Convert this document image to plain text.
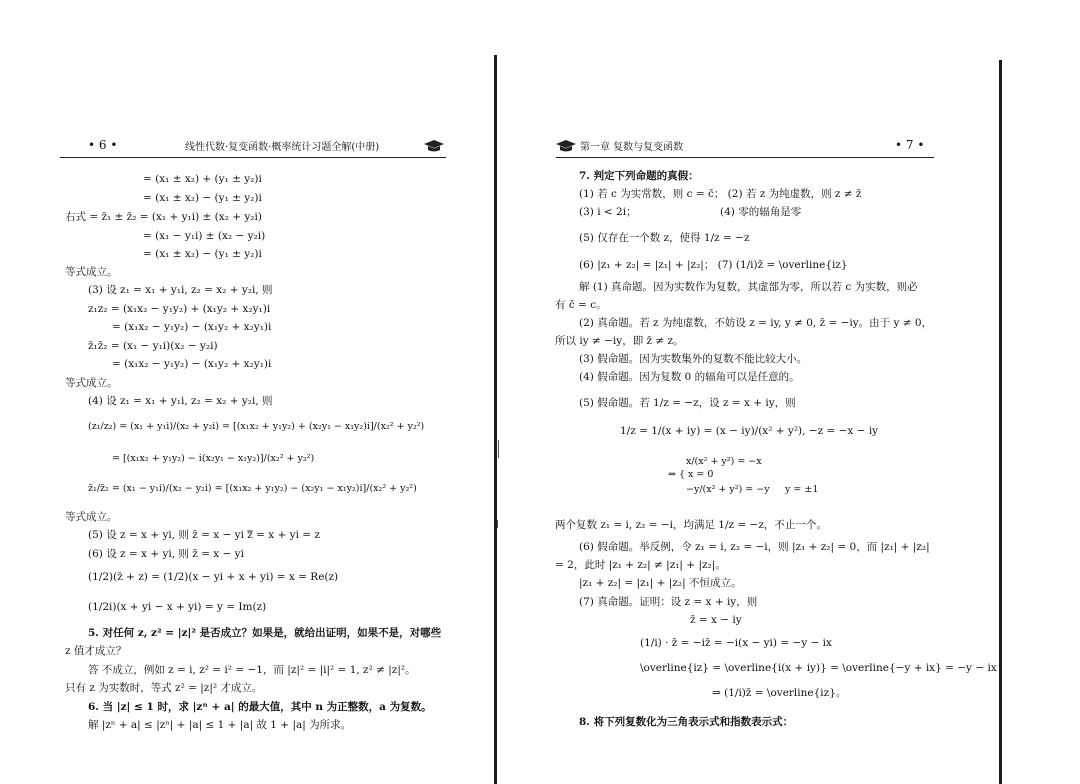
• 6 •	线性代数·复变函数·概率统计习题全解(中册)
= (x₁ ± x₂) + (y₁ ± y₂)i
= (x₁ ± x₂) − (y₁ ± y₂)i
右式 = z̄₁ ± z̄₂ = (x₁ + y₁i) ± (x₂ + y₂i)
= (x₁ − y₁i) ± (x₂ − y₂i)
= (x₁ ± x₂) − (y₁ ± y₂)i
等式成立。
(3) 设 z₁ = x₁ + y₁i, z₂ = x₂ + y₂i, 则
z₁z₂ = (x₁x₂ − y₁y₂) + (x₁y₂ + x₂y₁)i
= (x₁x₂ − y₁y₂) − (x₁y₂ + x₂y₁)i
z̄₁z̄₂ = (x₁ − y₁i)(x₂ − y₂i)
= (x₁x₂ − y₁y₂) − (x₁y₂ + x₂y₁)i
等式成立。
(4) 设 z₁ = x₁ + y₁i, z₂ = x₂ + y₂i, 则
(z₁/z₂) = (x₁ + y₁i)/(x₂ + y₂i) = [(x₁x₂ + y₁y₂) + (x₂y₁ − x₁y₂)i]/(x₂² + y₂²)
= [(x₁x₂ + y₁y₂) − i(x₂y₁ − x₁y₂)]/(x₂² + y₂²)
z̄₁/z̄₂ = (x₁ − y₁i)/(x₂ − y₂i) = [(x₁x₂ + y₁y₂) − (x₂y₁ − x₁y₂)i]/(x₂² + y₂²)
等式成立。
(5) 设 z = x + yi, 则 z̄ = x − yi z̿ = x + yi = z
(6) 设 z = x + yi, 则 z̄ = x − yi
(1/2)(z̄ + z) = (1/2)(x − yi + x + yi) = x = Re(z)
(1/2i)(x + yi − x + yi) = y = Im(z)
5. 对任何 z, z² = |z|² 是否成立？如果是，就给出证明，如果不是，对哪些
z 值才成立？
答 不成立，例如 z = i, z² = i² = −1，而 |z|² = |i|² = 1, z² ≠ |z|²。
只有 z 为实数时，等式 z² = |z|² 才成立。
6. 当 |z| ≤ 1 时，求 |zⁿ + a| 的最大值，其中 n 为正整数，a 为复数。
解 |zⁿ + a| ≤ |zⁿ| + |a| ≤ 1 + |a| 故 1 + |a| 为所求。
第一章 复数与复变函数	• 7 •
7. 判定下列命题的真假：
(1) 若 c 为实常数，则 c = c̄； (2) 若 z 为纯虚数，则 z ≠ z̄
(3) i < 2i；                         (4) 零的辐角是零
(5) 仅存在一个数 z，使得 1/z = −z
(6) |z₁ + z₂| = |z₁| + |z₂|； (7) (1/i)z̄ = \overline{iz}
解 (1) 真命题。因为实数作为复数，其虚部为零，所以若 c 为实数，则必
有 c̄ = c。
(2) 真命题。若 z 为纯虚数，不妨设 z = iy, y ≠ 0, z̄ = −iy。由于 y ≠ 0，
所以 iy ≠ −iy，即 z̄ ≠ z。
(3) 假命题。因为实数集外的复数不能比较大小。
(4) 假命题。因为复数 0 的辐角可以是任意的。
(5) 假命题。若 1/z = −z，设 z = x + iy，则
1/z = 1/(x + iy) = (x − iy)/(x² + y²), −z = −x − iy
x/(x² + y²) = −x
⇒ { x = 0
−y/(x² + y²) = −y y = ±1
两个复数 z₁ = i, z₂ = −i，均满足 1/z = −z，不止一个。
(6) 假命题。举反例，令 z₁ = i, z₂ = −i，则 |z₁ + z₂| = 0，而 |z₁| + |z₂|
= 2，此时 |z₁ + z₂| ≠ |z₁| + |z₂|。
|z₁ + z₂| = |z₁| + |z₂| 不恒成立。
(7) 真命题。证明：设 z = x + iy，则
z̄ = x − iy
(1/i) · z̄ = −iz̄ = −i(x − yi) = −y − ix
\overline{iz} = \overline{i(x + iy)} = \overline{−y + ix} = −y − ix
⇒ (1/i)z̄ = \overline{iz}。
8. 将下列复数化为三角表示式和指数表示式：
